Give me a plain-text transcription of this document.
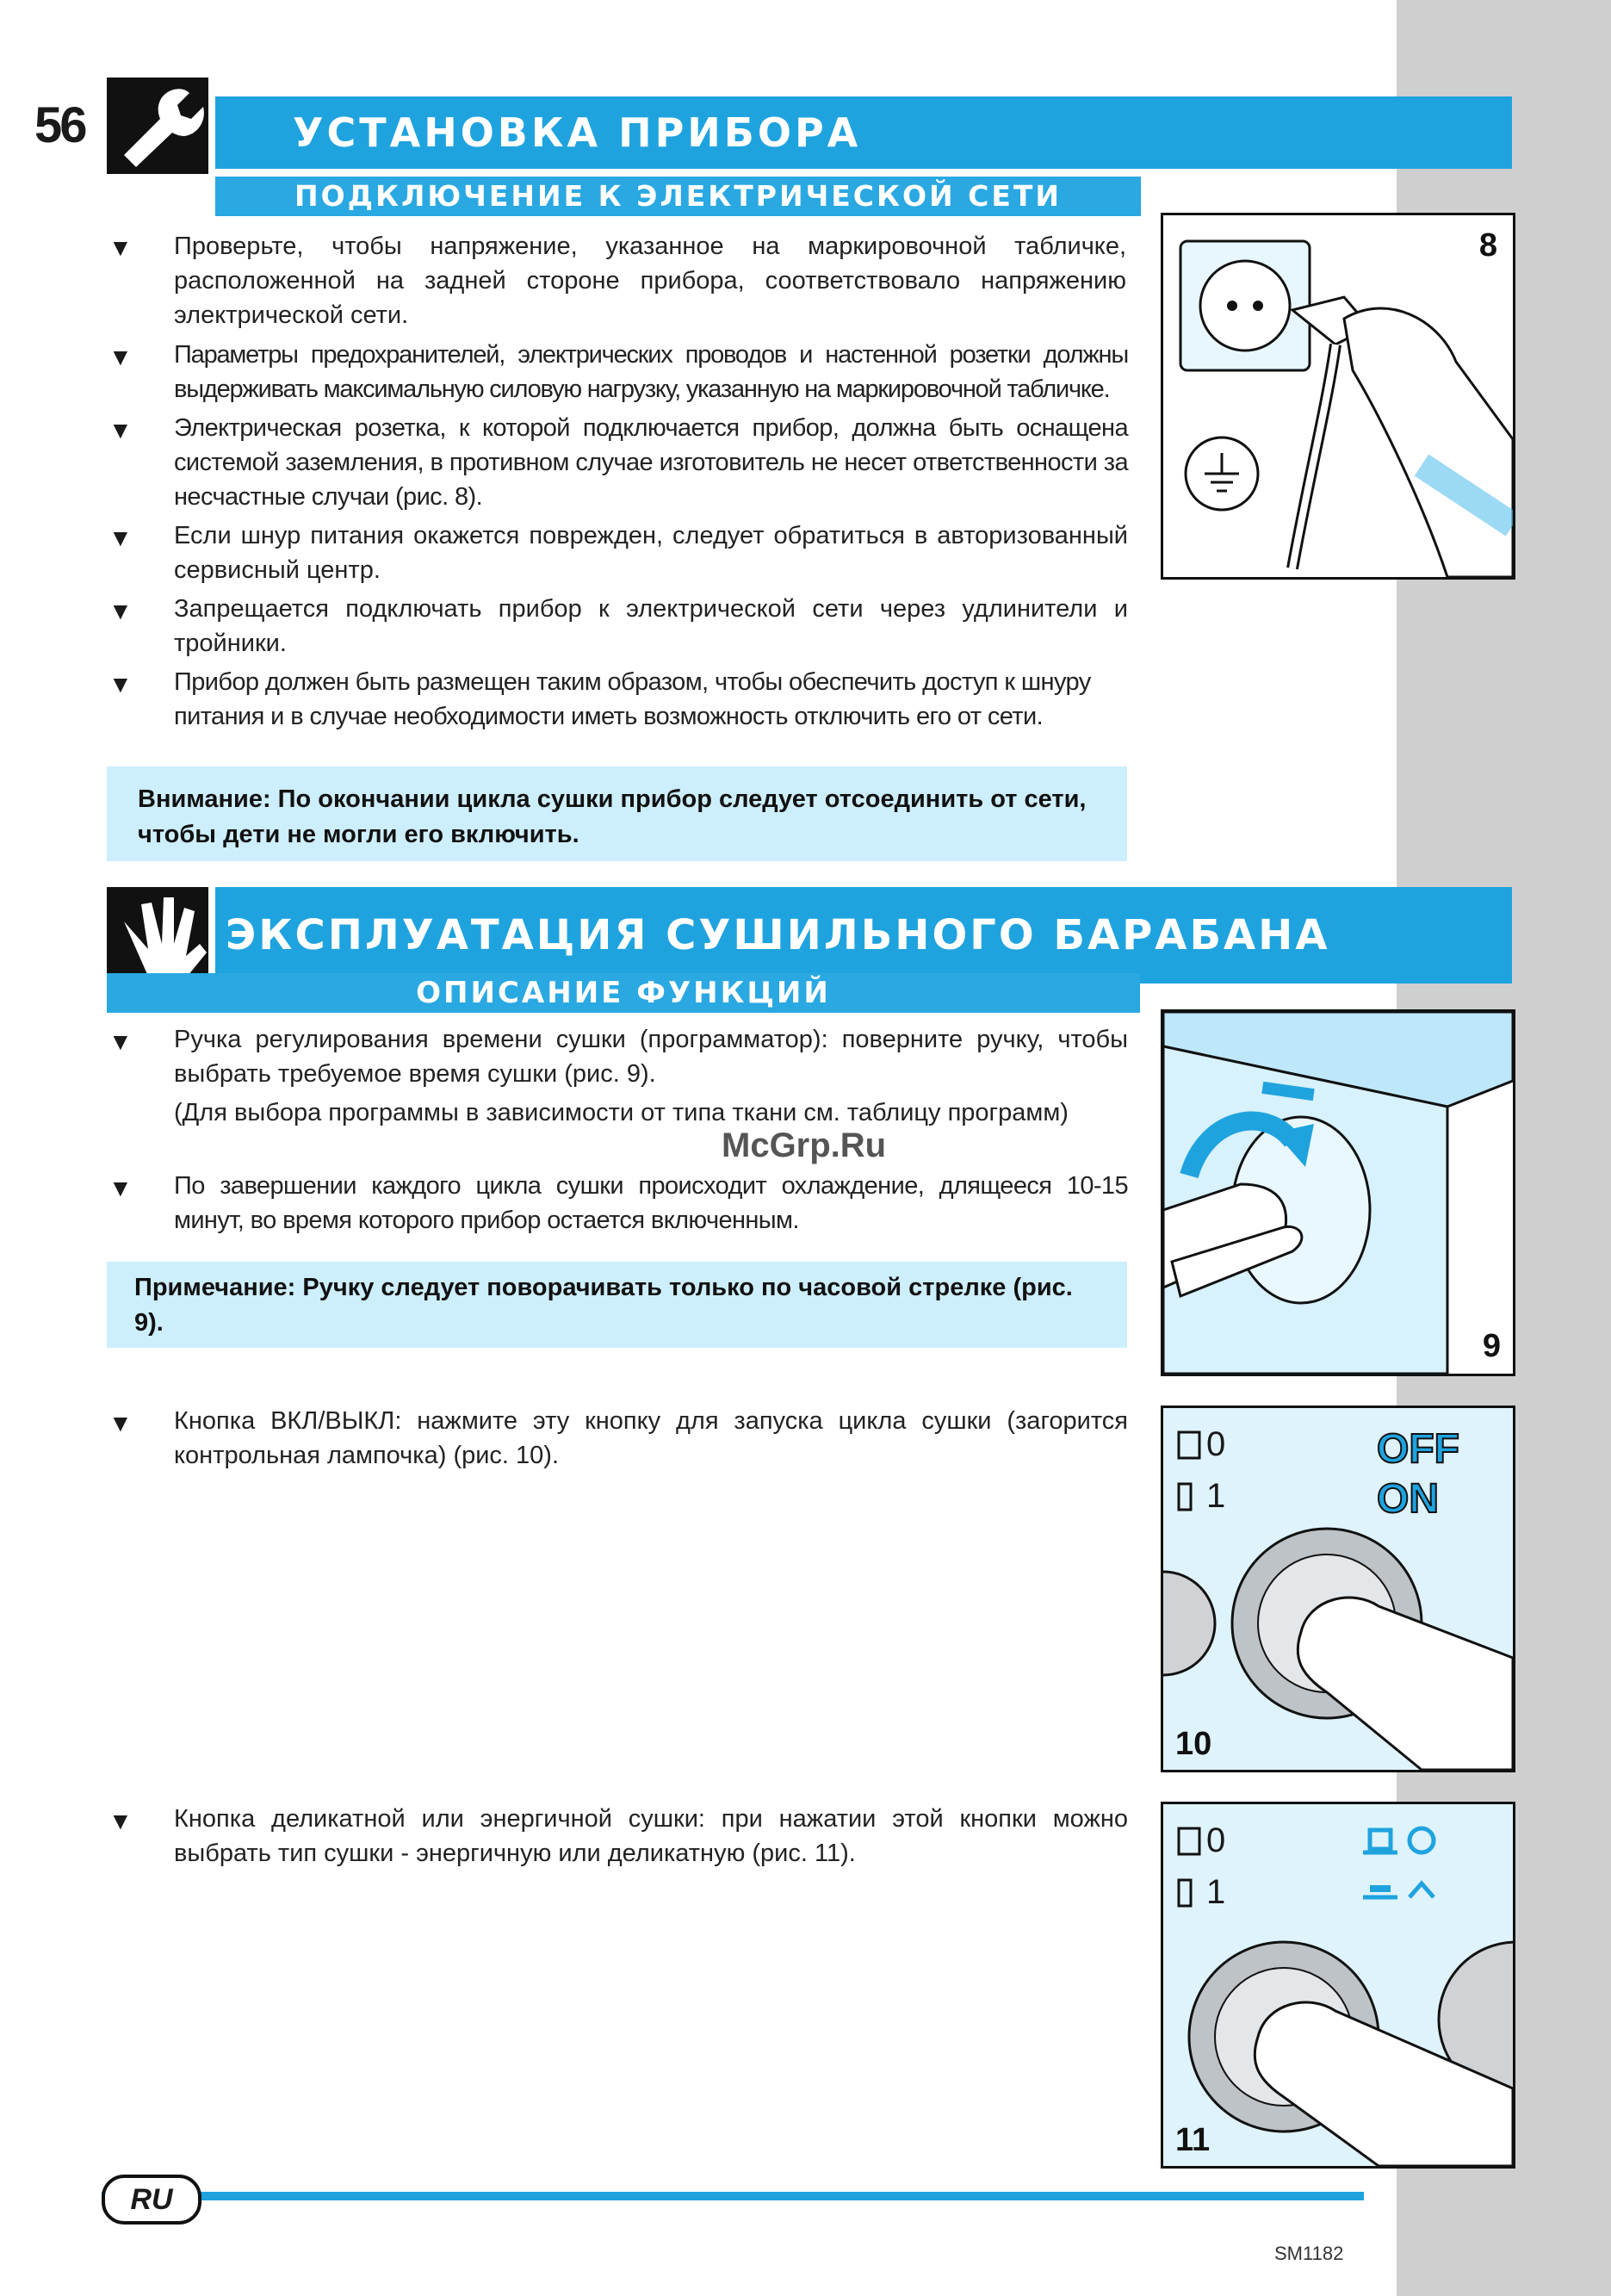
56	УСТАНОВКА ПРИБОРА
ПОДКЛЮЧЕНИЕ К ЭЛЕКТРИЧЕСКОЙ СЕТИ
8
▼ Проверьте, чтобы напряжение, указанное на маркировочной табличке, расположенной на задней стороне прибора, соответствовало напряжению электрической сети.
▼ Параметры предохранителей, электрических проводов и настенной розетки должны выдерживать максимальную силовую нагрузку, указанную на маркировочной табличке.
▼ Электрическая розетка, к которой подключается прибор, должна быть оснащена системой заземления, в противном случае изготовитель не несет ответственности за несчастные случаи (рис. 8).
▼ Если шнур питания окажется поврежден, следует обратиться в авторизованный сервисный центр.
▼ Запрещается подключать прибор к электрической сети через удлинители и тройники.
▼ Прибор должен быть размещен таким образом, чтобы обеспечить доступ к шнуру питания и в случае необходимости иметь возможность отключить его от сети.
Внимание: По окончании цикла сушки прибор следует отсоединить от сети, чтобы дети не могли его включить.
ЭКСПЛУАТАЦИЯ СУШИЛЬНОГО БАРАБАНА
ОПИСАНИЕ ФУНКЦИЙ
9
▼ Ручка регулирования времени сушки (программатор): поверните ручку, чтобы выбрать требуемое время сушки (рис. 9).
(Для выбора программы в зависимости от типа ткани см. таблицу программ)
▼ По завершении каждого цикла сушки происходит охлаждение, длящееся 10-15 минут, во время которого прибор остается включенным.
Примечание: Ручку следует поворачивать только по часовой стрелке (рис. 9).
0
1
OFF
ON
10
▼ Кнопка ВКЛ/ВЫКЛ: нажмите эту кнопку для запуска цикла сушки (загорится контрольная лампочка) (рис. 10).
0
1
11
▼ Кнопка деликатной или энергичной сушки: при нажатии этой кнопки можно выбрать тип сушки - энергичную или деликатную (рис. 11).
McGrp.Ru
RU
SM1182
